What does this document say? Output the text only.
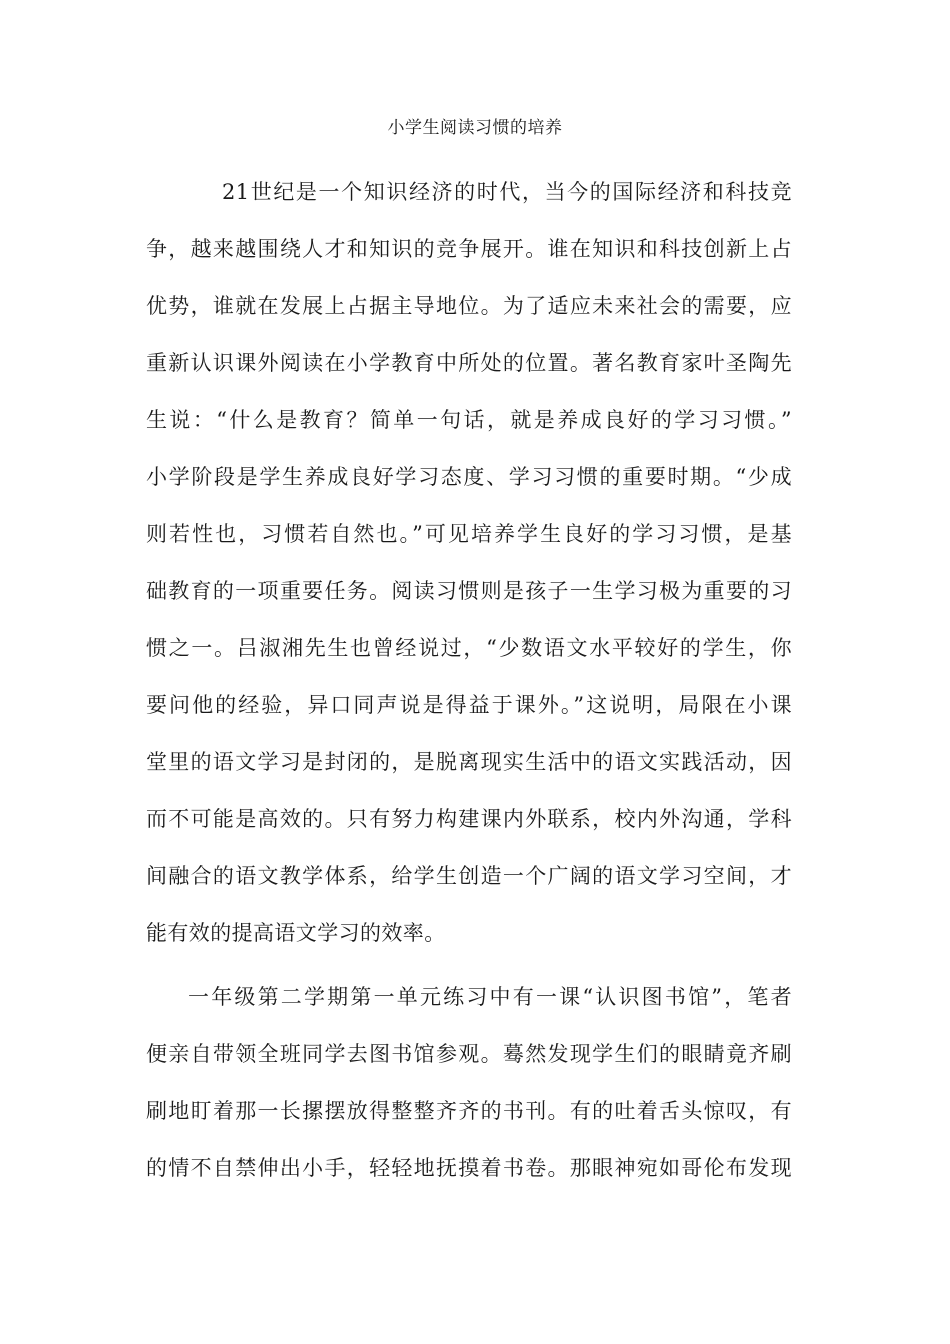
小学生阅读习惯的培养
21世纪是一个知识经济的时代，当今的国际经济和科技竞
争，越来越围绕人才和知识的竞争展开。谁在知识和科技创新上占
优势，谁就在发展上占据主导地位。为了适应未来社会的需要，应
重新认识课外阅读在小学教育中所处的位置。著名教育家叶圣陶先
生说：“什么是教育？简单一句话，就是养成良好的学习习惯。”
小学阶段是学生养成良好学习态度、学习习惯的重要时期。“少成
则若性也，习惯若自然也。”可见培养学生良好的学习习惯，是基
础教育的一项重要任务。阅读习惯则是孩子一生学习极为重要的习
惯之一。吕淑湘先生也曾经说过，“少数语文水平较好的学生，你
要问他的经验，异口同声说是得益于课外。”这说明，局限在小课
堂里的语文学习是封闭的，是脱离现实生活中的语文实践活动，因
而不可能是高效的。只有努力构建课内外联系，校内外沟通，学科
间融合的语文教学体系，给学生创造一个广阔的语文学习空间，才
能有效的提高语文学习的效率。
一年级第二学期第一单元练习中有一课“认识图书馆”，笔者
便亲自带领全班同学去图书馆参观。蓦然发现学生们的眼睛竟齐刷
刷地盯着那一长摞摆放得整整齐齐的书刊。有的吐着舌头惊叹，有
的情不自禁伸出小手，轻轻地抚摸着书卷。那眼神宛如哥伦布发现
